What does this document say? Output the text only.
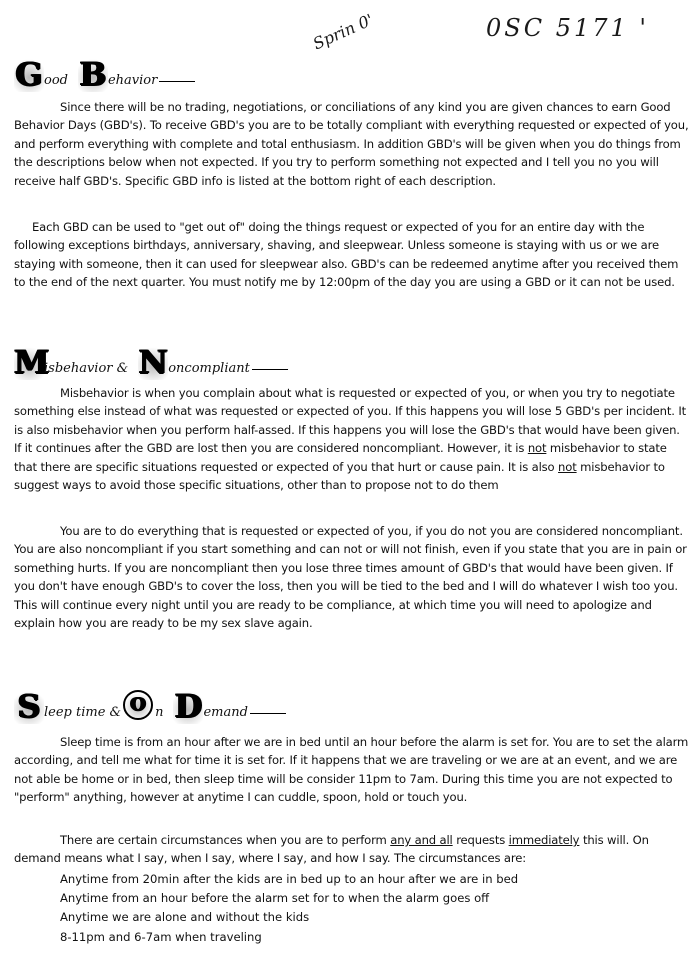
0SC 5171 '
Sprin 0'
G ood B ehavior

Since there will be no trading, negotiations, or conciliations of any kind you are given chances to earn Good Behavior Days (GBD's). To receive GBD's you are to be totally compliant with everything requested or expected of you, and perform everything with complete and total enthusiasm. In addition GBD's will be given when you do things from the descriptions below when not expected. If you try to perform something not expected and I tell you no you will receive half GBD's. Specific GBD info is listed at the bottom right of each description.

Each GBD can be used to "get out of" doing the things request or expected of you for an entire day with the following exceptions birthdays, anniversary, shaving, and sleepwear. Unless someone is staying with us or we are staying with someone, then it can used for sleepwear also. GBD's can be redeemed anytime after you received them to the end of the next quarter. You must notify me by 12:00pm of the day you are using a GBD or it can not be used.

M
isbehavior & N oncompliant

Misbehavior is when you complain about what is requested or expected of you, or when you try to negotiate something else instead of what was requested or expected of you. If this happens you will lose 5 GBD's per incident. It is also misbehavior when you perform half-assed. If this happens you will lose the GBD's that would have been given. If it continues after the GBD are lost then you are considered noncompliant. However, it is not misbehavior to state that there are specific situations requested or expected of you that hurt or cause pain. It is also not misbehavior to suggest ways to avoid those specific situations, other than to propose not to do them

You are to do everything that is requested or expected of you, if you do not you are considered noncompliant. You are also noncompliant if you start something and can not or will not finish, even if you state that you are in pain or something hurts. If you are noncompliant then you lose three times amount of GBD's that would have been given. If you don't have enough GBD's to cover the loss, then you will be tied to the bed and I will do whatever I wish too you. This will continue every night until you are ready to be compliance, at which time you will need to apologize and explain how you are ready to be my sex slave again.

S leep time & O n D emand

Sleep time is from an hour after we are in bed until an hour before the alarm is set for. You are to set the alarm according, and tell me what for time it is set for. If it happens that we are traveling or we are at an event, and we are not able be home or in bed, then sleep time will be consider 11pm to 7am. During this time you are not expected to "perform" anything, however at anytime I can cuddle, spoon, hold or touch you.

There are certain circumstances when you are to perform any and all requests immediately this will. On demand means what I say, when I say, where I say, and how I say. The circumstances are:

Anytime from 20min after the kids are in bed up to an hour after we are in bed
Anytime from an hour before the alarm set for to when the alarm goes off
Anytime we are alone and without the kids
8-11pm and 6-7am when traveling
